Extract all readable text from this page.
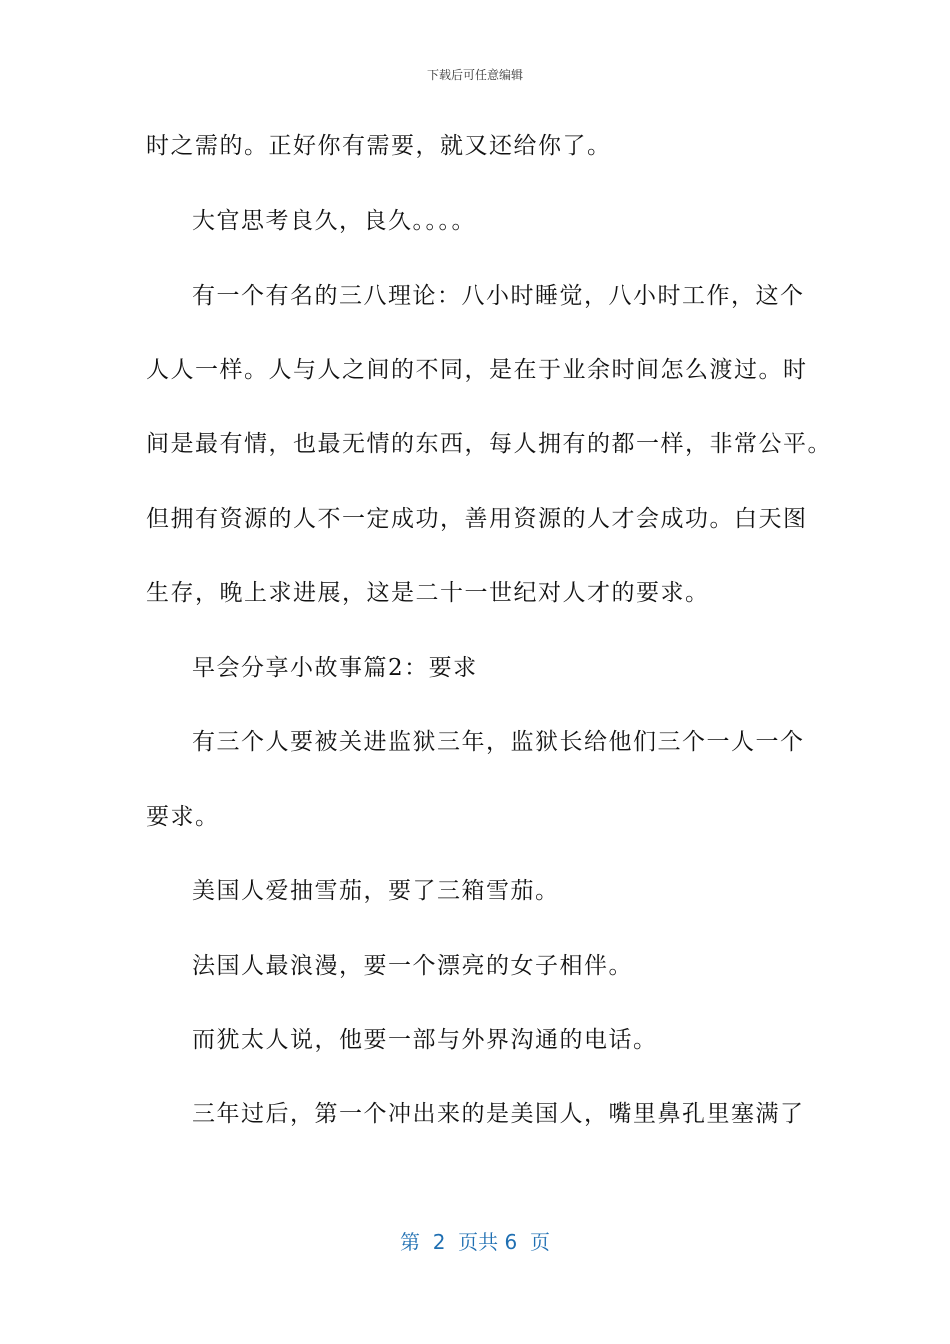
下载后可任意编辑
时之需的。正好你有需要，就又还给你了。
大官思考良久，良久。。。。
有一个有名的三八理论：八小时睡觉，八小时工作，这个
人人一样。人与人之间的不同，是在于业余时间怎么渡过。时
间是最有情，也最无情的东西，每人拥有的都一样，非常公平。
但拥有资源的人不一定成功，善用资源的人才会成功。白天图
生存，晚上求进展，这是二十一世纪对人才的要求。
早会分享小故事篇2：要求
有三个人要被关进监狱三年，监狱长给他们三个一人一个
要求。
美国人爱抽雪茄，要了三箱雪茄。
法国人最浪漫，要一个漂亮的女子相伴。
而犹太人说，他要一部与外界沟通的电话。
三年过后，第一个冲出来的是美国人，嘴里鼻孔里塞满了
第  2  页共 6  页
